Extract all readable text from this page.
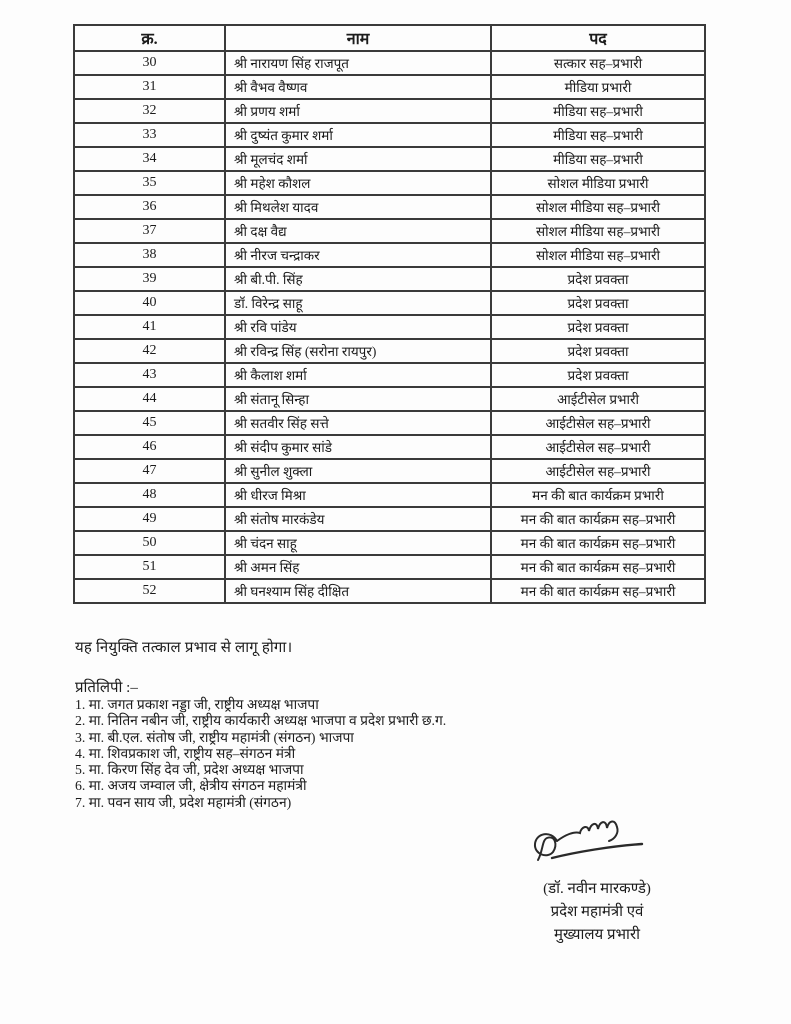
क्र.	नाम	पद
30	श्री नारायण सिंह राजपूत	सत्कार सह–प्रभारी
31	श्री वैभव वैष्णव	मीडिया प्रभारी
32	श्री प्रणय शर्मा	मीडिया सह–प्रभारी
33	श्री दुष्यंत कुमार शर्मा	मीडिया सह–प्रभारी
34	श्री मूलचंद शर्मा	मीडिया सह–प्रभारी
35	श्री महेश कौशल	सोशल मीडिया प्रभारी
36	श्री मिथलेश यादव	सोशल मीडिया सह–प्रभारी
37	श्री दक्ष वैद्य	सोशल मीडिया सह–प्रभारी
38	श्री नीरज चन्द्राकर	सोशल मीडिया सह–प्रभारी
39	श्री बी.पी. सिंह	प्रदेश प्रवक्ता
40	डॉ. विरेन्द्र साहू	प्रदेश प्रवक्ता
41	श्री रवि पांडेय	प्रदेश प्रवक्ता
42	श्री रविन्द्र सिंह (सरोना रायपुर)	प्रदेश प्रवक्ता
43	श्री कैलाश शर्मा	प्रदेश प्रवक्ता
44	श्री संतानू सिन्हा	आईटीसेल प्रभारी
45	श्री सतवीर सिंह सत्ते	आईटीसेल सह–प्रभारी
46	श्री संदीप कुमार सांडे	आईटीसेल सह–प्रभारी
47	श्री सुनील शुक्ला	आईटीसेल सह–प्रभारी
48	श्री धीरज मिश्रा	मन की बात कार्यक्रम प्रभारी
49	श्री संतोष मारकंडेय	मन की बात कार्यक्रम सह–प्रभारी
50	श्री चंदन साहू	मन की बात कार्यक्रम सह–प्रभारी
51	श्री अमन सिंह	मन की बात कार्यक्रम सह–प्रभारी
52	श्री घनश्याम सिंह दीक्षित	मन की बात कार्यक्रम सह–प्रभारी
यह नियुक्ति तत्काल प्रभाव से लागू होगा।
प्रतिलिपी :–
1. मा. जगत प्रकाश नड्डा जी, राष्ट्रीय अध्यक्ष भाजपा
2. मा. नितिन नबीन जी, राष्ट्रीय कार्यकारी अध्यक्ष भाजपा व प्रदेश प्रभारी छ.ग.
3. मा. बी.एल. संतोष जी, राष्ट्रीय महामंत्री (संगठन) भाजपा
4. मा. शिवप्रकाश जी, राष्ट्रीय सह–संगठन मंत्री
5. मा. किरण सिंह देव जी, प्रदेश अध्यक्ष भाजपा
6. मा. अजय जम्वाल जी, क्षेत्रीय संगठन महामंत्री
7. मा. पवन साय जी, प्रदेश महामंत्री (संगठन)
(डॉ. नवीन मारकण्डे)
प्रदेश महामंत्री एवं
मुख्यालय प्रभारी
